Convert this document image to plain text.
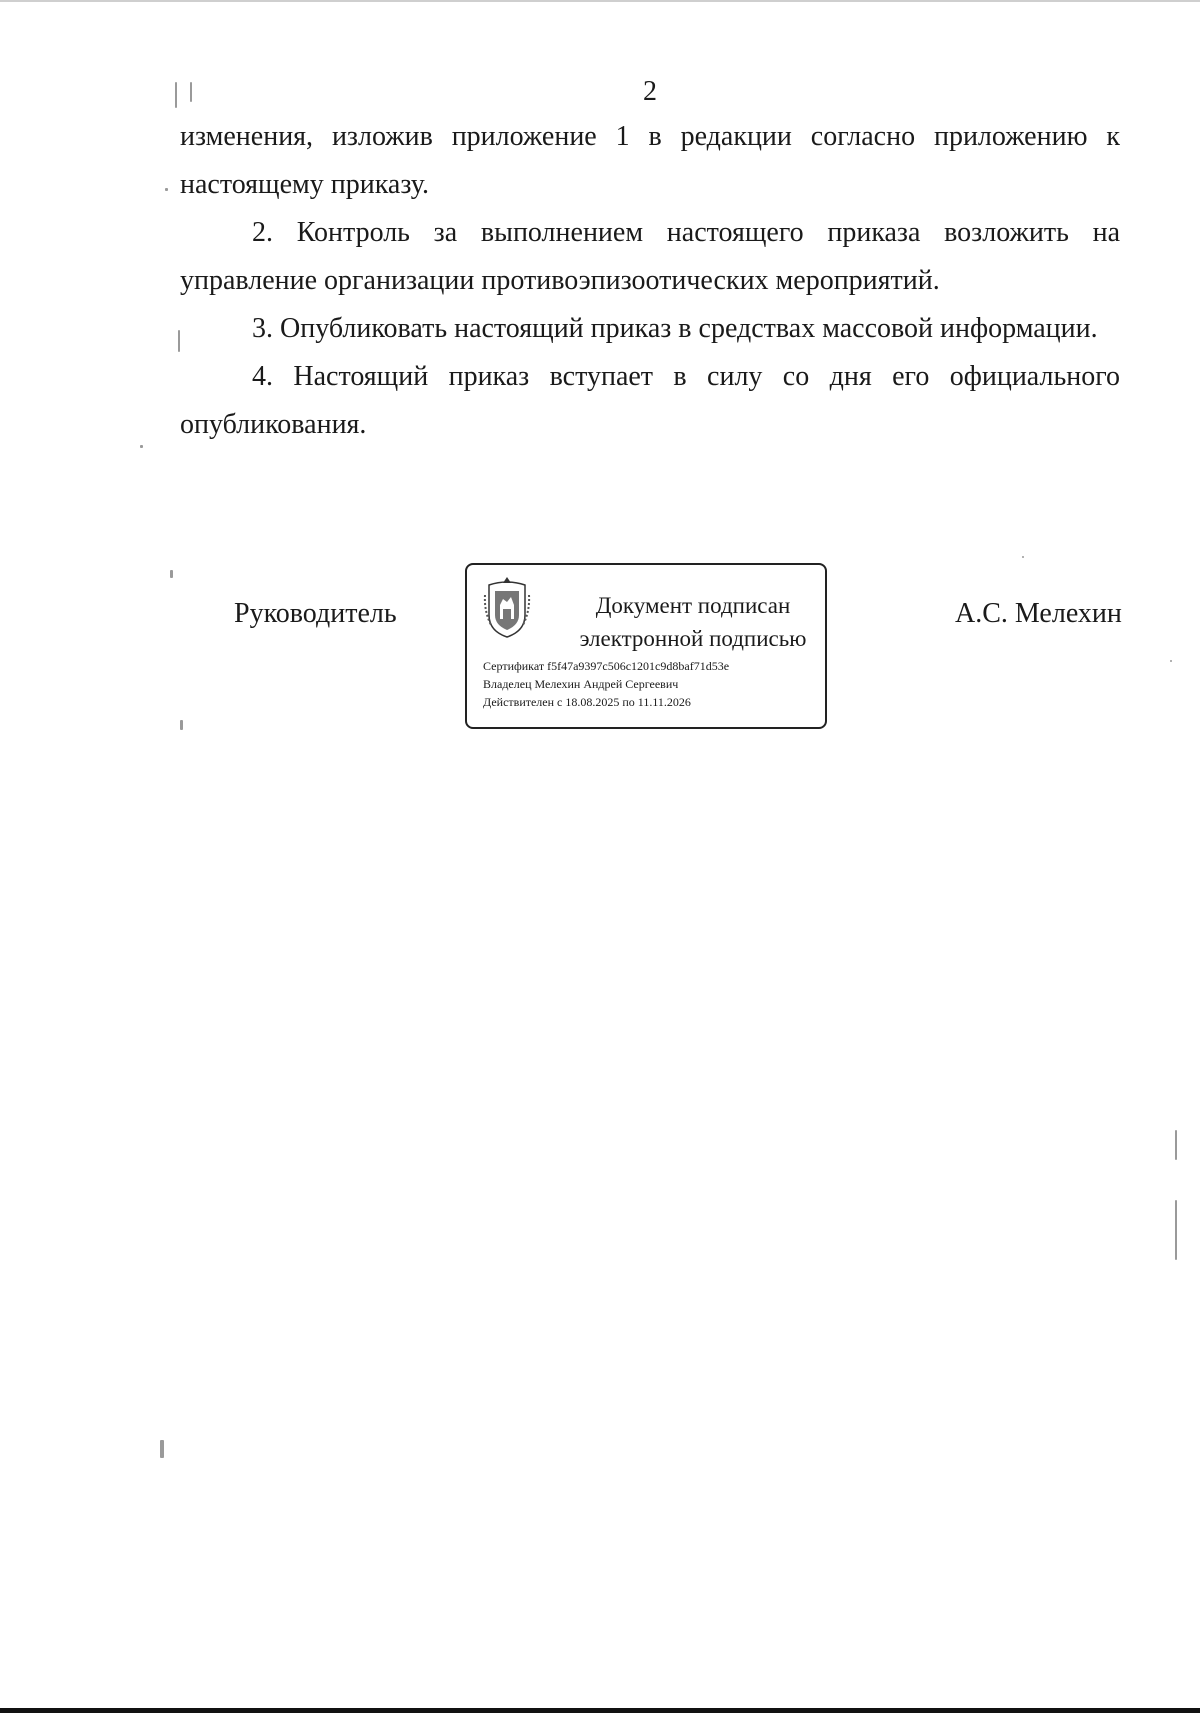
2

изменения, изложив приложение 1 в редакции согласно приложению к настоящему приказу.

2. Контроль за выполнением настоящего приказа возложить на управление организации противоэпизоотических мероприятий.

3. Опубликовать настоящий приказ в средствах массовой информации.

4. Настоящий приказ вступает в силу со дня его официального опубликования.

Руководитель	Документ подписан
электронной подписью
Сертификат f5f47a9397c506c1201c9d8baf71d53e
Владелец Мелехин Андрей Сергеевич
Действителен с 18.08.2025 по 11.11.2026
А.С. Мелехин
